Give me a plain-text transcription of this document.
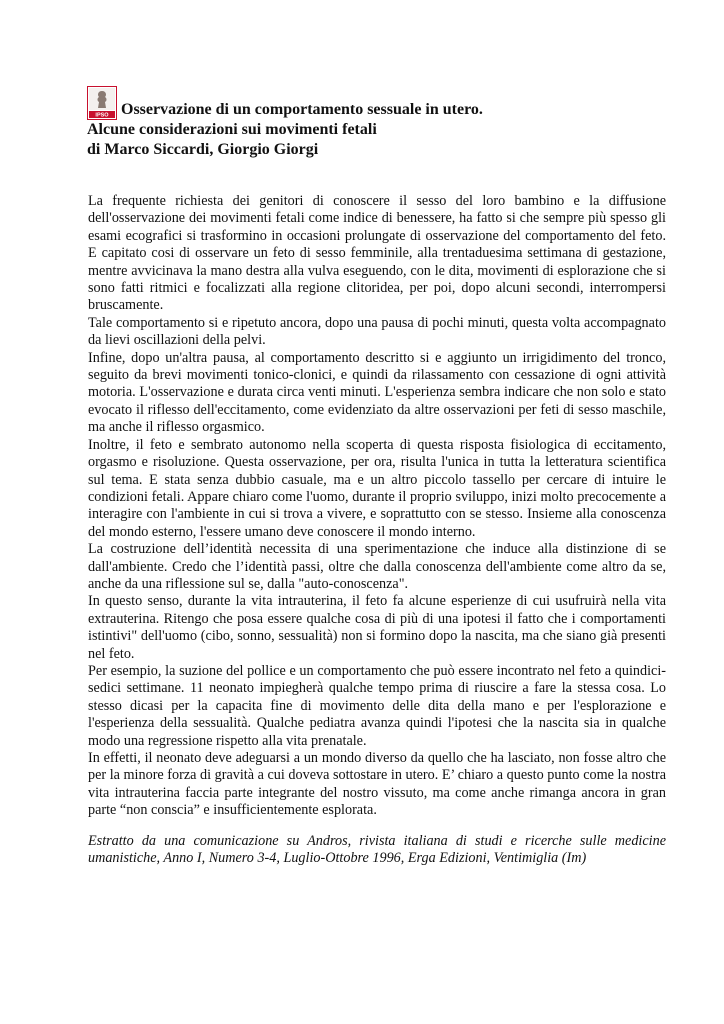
IPSO Osservazione di un comportamento sessuale in utero.
Alcune considerazioni sui movimenti fetali
di Marco Siccardi, Giorgio Giorgi

La frequente richiesta dei genitori di conoscere il sesso del loro bambino e la diffusione dell'osservazione dei movimenti fetali come indice di benessere, ha fatto si che sempre più spesso gli esami ecografici si trasformino in occasioni prolungate di osservazione del comportamento del feto. E capitato cosi di osservare un feto di sesso femminile, alla trentaduesima settimana di gestazione, mentre avvicinava la mano destra alla vulva eseguendo, con le dita, movimenti di esplorazione che si sono fatti ritmici e focalizzati alla regione clitoridea, per poi, dopo alcuni secondi, interrompersi bruscamente.

Tale comportamento si e ripetuto ancora, dopo una pausa di pochi minuti, questa volta accompagnato da lievi oscillazioni della pelvi.

Infine, dopo un'altra pausa, al comportamento descritto si e aggiunto un irrigidimento del tronco, seguito da brevi movimenti tonico-clonici, e quindi da rilassamento con cessazione di ogni attività motoria. L'osservazione e durata circa venti minuti. L'esperienza sembra indicare che non solo e stato evocato il riflesso dell'eccitamento, come evidenziato da altre osservazioni per feti di sesso maschile, ma anche il riflesso orgasmico.

Inoltre, il feto e sembrato autonomo nella scoperta di questa risposta fisiologica di eccitamento, orgasmo e risoluzione. Questa osservazione, per ora, risulta l'unica in tutta la letteratura scientifica sul tema. E stata senza dubbio casuale, ma e un altro piccolo tassello per cercare di intuire le condizioni fetali. Appare chiaro come l'uomo, durante il proprio sviluppo, inizi molto precocemente a interagire con l'ambiente in cui si trova a vivere, e soprattutto con se stesso. Insieme alla conoscenza del mondo esterno, l'essere umano deve conoscere il mondo interno.

La costruzione dell’identità necessita di una sperimentazione che induce alla distinzione di se dall'ambiente. Credo che l’identità passi, oltre che dalla conoscenza dell'ambiente come altro da se, anche da una riflessione sul se, dalla "auto-conoscenza".

In questo senso, durante la vita intrauterina, il feto fa alcune esperienze di cui usufruirà nella vita extrauterina. Ritengo che posa essere qualche cosa di più di una ipotesi il fatto che i comportamenti istintivi" dell'uomo (cibo, sonno, sessualità) non si formino dopo la nascita, ma che siano già presenti nel feto.

Per esempio, la suzione del pollice e un comportamento che può essere incontrato nel feto a quindici-sedici settimane. 11 neonato impiegherà qualche tempo prima di riuscire a fare la stessa cosa. Lo stesso dicasi per la capacita fine di movimento delle dita della mano e per l'esplorazione e l'esperienza della sessualità. Qualche pediatra avanza quindi l'ipotesi che la nascita sia in qualche modo una regressione rispetto alla vita prenatale.

In effetti, il neonato deve adeguarsi a un mondo diverso da quello che ha lasciato, non fosse altro che per la minore forza di gravità a cui doveva sottostare in utero. E’ chiaro a questo punto come la nostra vita intrauterina faccia parte integrante del nostro vissuto, ma come anche rimanga ancora in gran parte “non conscia” e insufficientemente esplorata.

Estratto da una comunicazione su Andros, rivista italiana di studi e ricerche sulle medicine umanistiche, Anno I, Numero 3-4, Luglio-Ottobre 1996, Erga Edizioni, Ventimiglia (Im)
